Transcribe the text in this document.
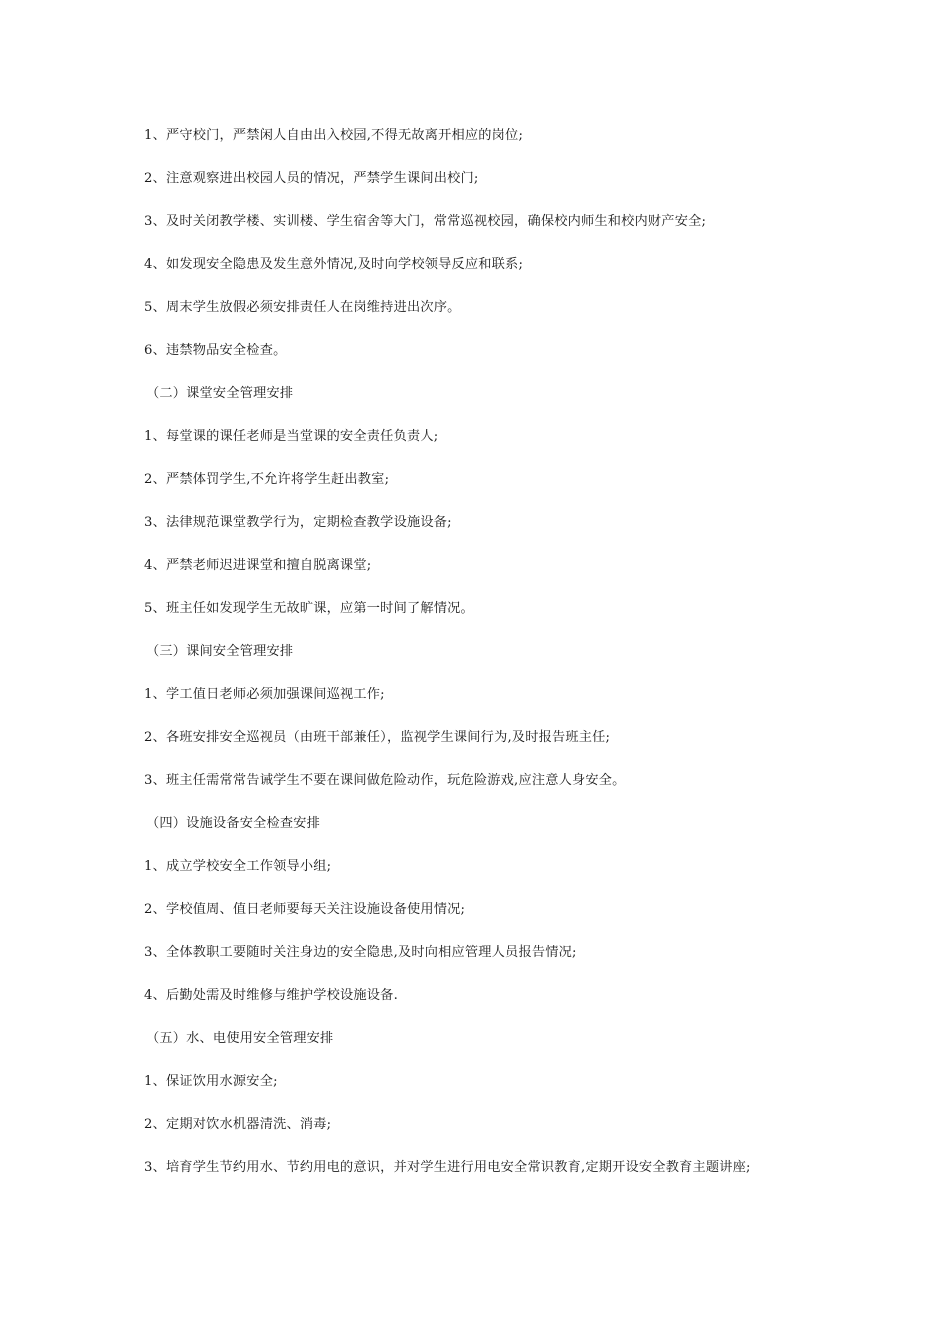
1、严守校门，严禁闲人自由出入校园,不得无故离开相应的岗位;
2、注意观察进出校园人员的情况，严禁学生课间出校门;
3、及时关闭教学楼、实训楼、学生宿舍等大门，常常巡视校园，确保校内师生和校内财产安全;
4、如发现安全隐患及发生意外情况,及时向学校领导反应和联系;
5、周末学生放假必须安排责任人在岗维持进出次序。
6、违禁物品安全检查。
（二）课堂安全管理安排
1、每堂课的课任老师是当堂课的安全责任负责人;
2、严禁体罚学生,不允许将学生赶出教室;
3、法律规范课堂教学行为，定期检查教学设施设备;
4、严禁老师迟进课堂和擅自脱离课堂;
5、班主任如发现学生无故旷课，应第一时间了解情况。
（三）课间安全管理安排
1、学工值日老师必须加强课间巡视工作;
2、各班安排安全巡视员（由班干部兼任），监视学生课间行为,及时报告班主任;
3、班主任需常常告诫学生不要在课间做危险动作，玩危险游戏,应注意人身安全。
（四）设施设备安全检查安排
1、成立学校安全工作领导小组;
2、学校值周、值日老师要每天关注设施设备使用情况;
3、全体教职工要随时关注身边的安全隐患,及时向相应管理人员报告情况;
4、后勤处需及时维修与维护学校设施设备.
（五）水、电使用安全管理安排
1、保证饮用水源安全;
2、定期对饮水机器清洗、消毒;
3、培育学生节约用水、节约用电的意识，并对学生进行用电安全常识教育,定期开设安全教育主题讲座;
